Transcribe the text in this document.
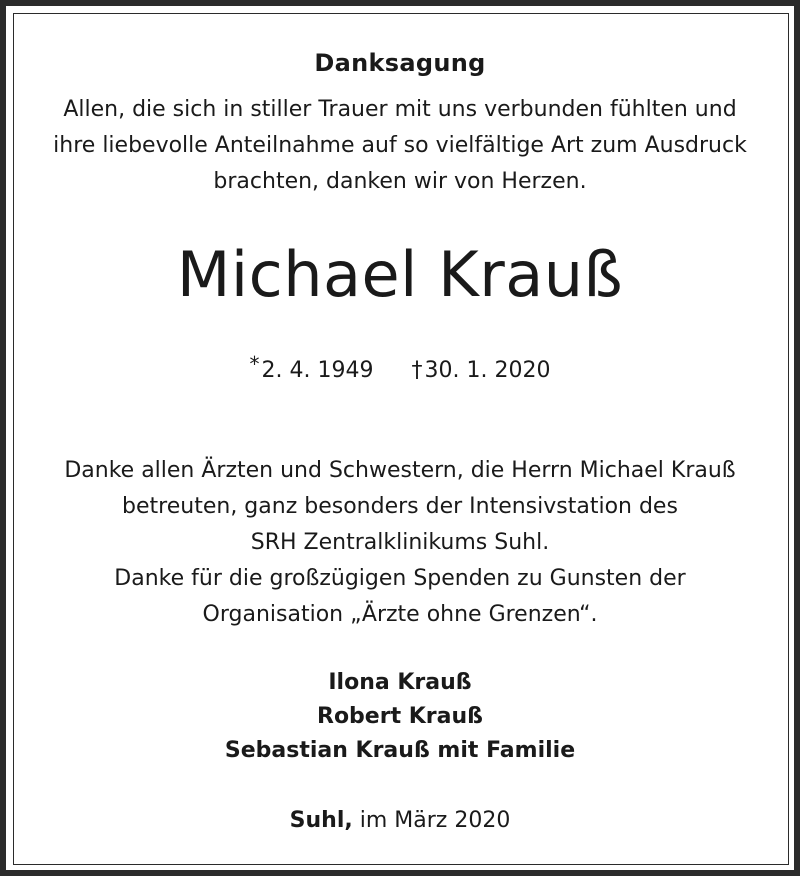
Danksagung
Allen, die sich in stiller Trauer mit uns verbunden fühlten und
ihre liebevolle Anteilnahme auf so vielfältige Art zum Ausdruck
brachten, danken wir von Herzen.
Michael Krauß
*2. 4. 1949 †30. 1. 2020
Danke allen Ärzten und Schwestern, die Herrn Michael Krauß
betreuten, ganz besonders der Intensivstation des
SRH Zentralklinikums Suhl.
Danke für die großzügigen Spenden zu Gunsten der
Organisation „Ärzte ohne Grenzen“.
Ilona Krauß
Robert Krauß
Sebastian Krauß mit Familie
Suhl, im März 2020
